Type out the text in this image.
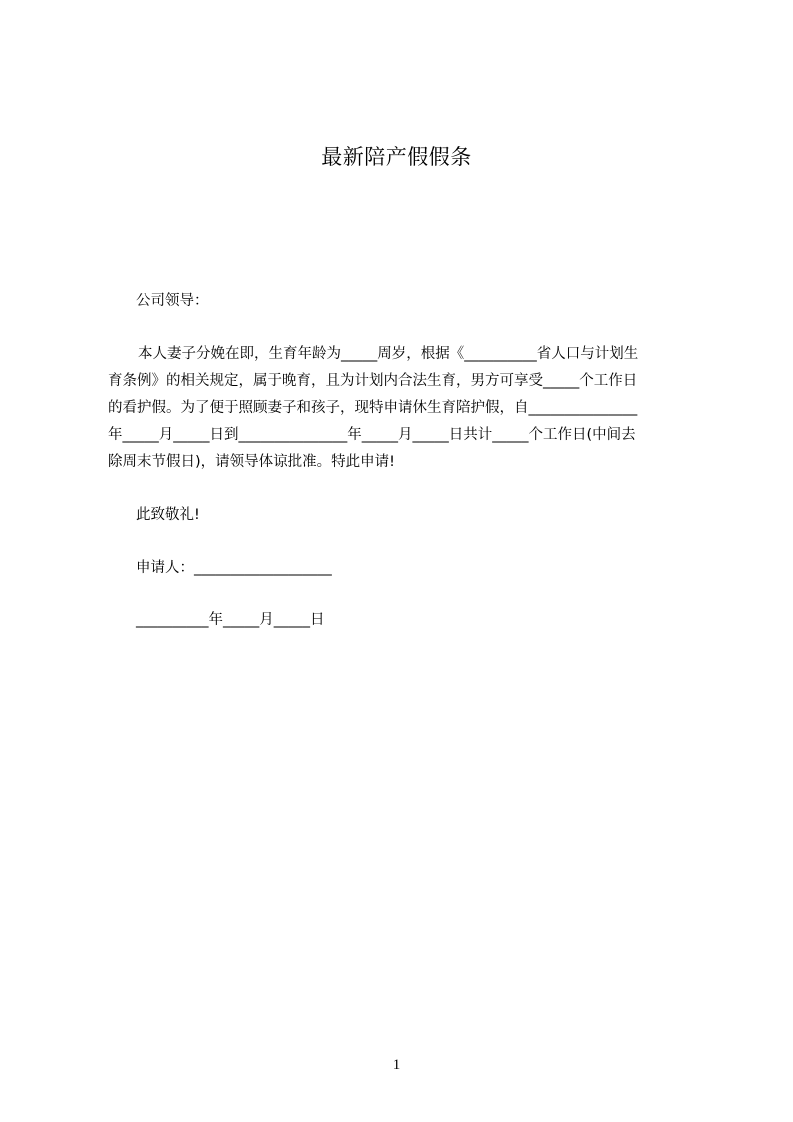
最新陪产假假条
公司领导：
本人妻子分娩在即，生育年龄为_____周岁，根据《__________省人口与计划生
育条例》的相关规定，属于晚育，且为计划内合法生育，男方可享受_____个工作日
的看护假。为了便于照顾妻子和孩子，现特申请休生育陪护假，自_______________
年_____月_____日到_______________年_____月_____日共计_____个工作日(中间去
除周末节假日)，请领导体谅批准。特此申请!
此致敬礼!
申请人：___________________
__________年_____月_____日
1
